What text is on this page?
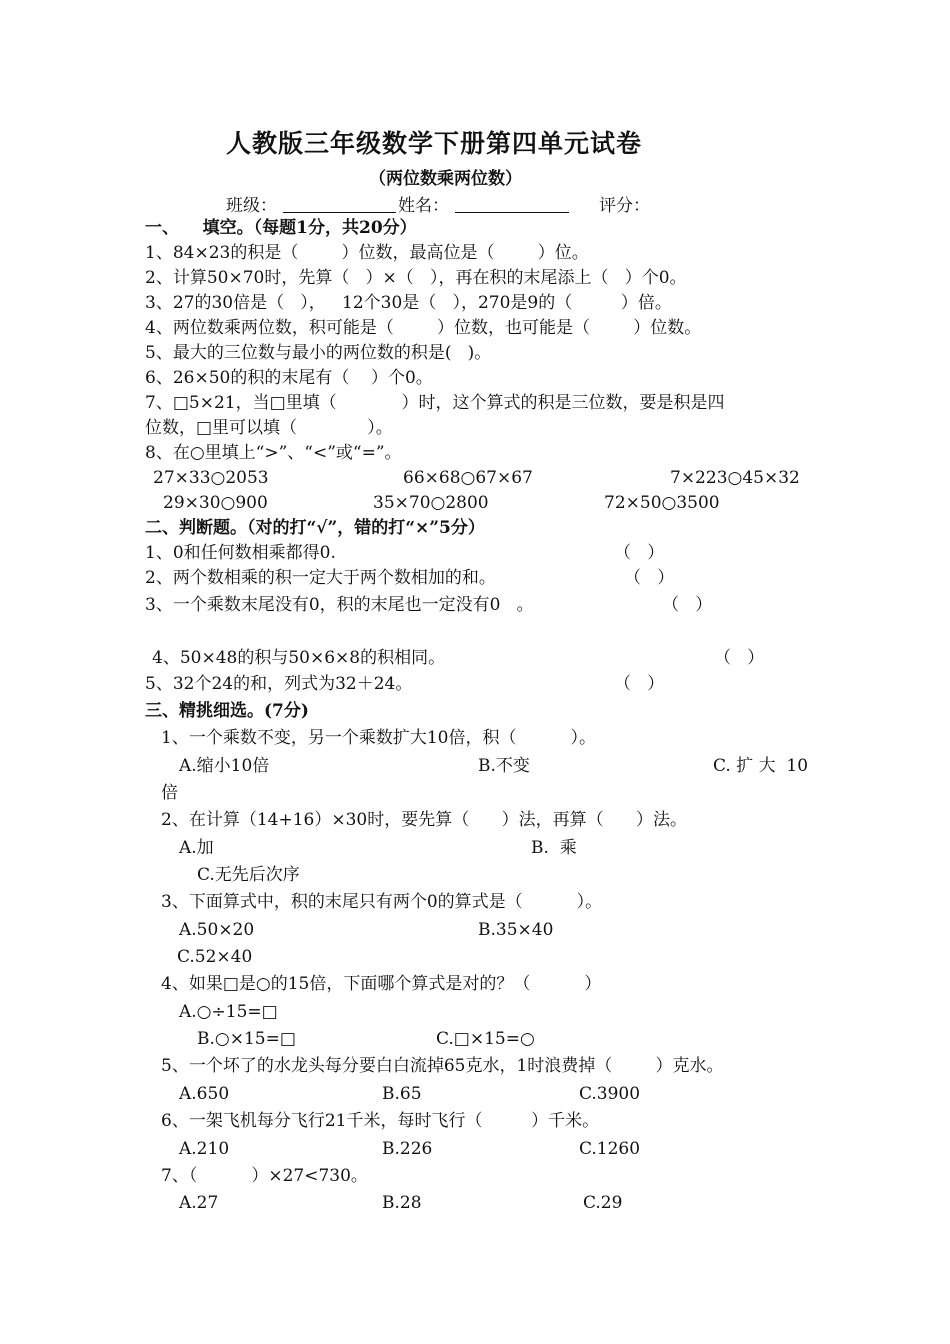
人教版三年级数学下册第四单元试卷
（两位数乘两位数）
班级：	姓名：	评分：
一、    填空。（每题1分，共20分）
1、84×23的积是（        ）位数，最高位是（        ）位。
2、计算50×70时，先算（   ）×（   ），再在积的末尾添上（   ）个0。
3、27的30倍是（   ），   12个30是（   ），270是9的（         ）倍。
4、两位数乘两位数，积可能是（        ）位数，也可能是（        ）位数。
5、最大的三位数与最小的两位数的积是(   )。
6、26×50的积的末尾有（    ）个0。
7、□5×21，当□里填（            ）时，这个算式的积是三位数，要是积是四
位数，□里可以填（             ）。
8、在○里填上“>”、“<”或“=”。
27×33○2053	66×68○67×67	7×223○45×32
29×30○900	35×70○2800	72×50○3500
二、判断题。（对的打“√”，错的打“×”5分）
1、0和任何数相乘都得0.	（   ）
2、两个数相乘的积一定大于两个数相加的和。	（   ）
3、一个乘数末尾没有0，积的末尾也一定没有0   。	（   ）
4、50×48的积与50×6×8的积相同。	（   ）
5、32个24的和，列式为32＋24。	（   ）
三、精挑细选。(7分)
1、一个乘数不变，另一个乘数扩大10倍，积（          ）。
A.缩小10倍	B.不变	C. 扩 大  10
倍
2、在计算（14+16）×30时，要先算（      ）法，再算（      ）法。
A.加	B.  乘
C.无先后次序
3、下面算式中，积的末尾只有两个0的算式是（          ）。
A.50×20	B.35×40
C.52×40
4、如果□是○的15倍，下面哪个算式是对的？（          ）
A.○÷15=□
B.○×15=□	C.□×15=○
5、一个坏了的水龙头每分要白白流掉65克水，1时浪费掉（        ）克水。
A.650	B.65	C.3900
6、一架飞机每分飞行21千米，每时飞行（         ）千米。
A.210	B.226	C.1260
7、（          ）×27<730。
A.27	B.28	C.29
